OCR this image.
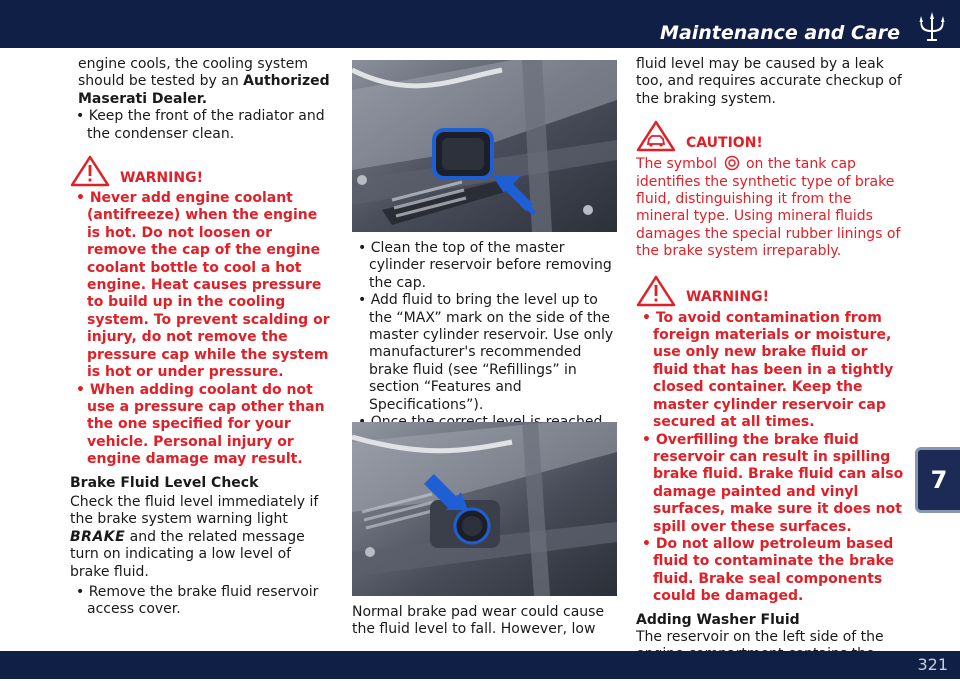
Maintenance and Care

engine cools, the cooling system
should be tested by an Authorized Maserati Dealer.

• Keep the front of the radiator and the condenser clean.

WARNING!

• Never add engine coolant (antifreeze) when the engine is hot. Do not loosen or remove the cap of the engine coolant bottle to cool a hot engine. Heat causes pressure to build up in the cooling system. To prevent scalding or injury, do not remove the pressure cap while the system is hot or under pressure.

• When adding coolant do not use a pressure cap other than the one specified for your vehicle. Personal injury or engine damage may result.

Brake Fluid Level Check

Check the fluid level immediately if the brake system warning light BRAKE and the related message turn on indicating a low level of brake fluid.

• Remove the brake fluid reservoir access cover.

• Clean the top of the master cylinder reservoir before removing the cap.

• Add fluid to bring the level up to the “MAX” mark on the side of the master cylinder reservoir. Use only manufacturer's recommended brake fluid (see “Refillings” in section “Features and Specifications”).

Normal brake pad wear could cause the fluid level to fall. However, low

fluid level may be caused by a leak too, and requires accurate checkup of the braking system.

CAUTION!

The symbol on the tank cap identifies the synthetic type of brake fluid, distinguishing it from the mineral type. Using mineral fluids damages the special rubber linings of the brake system irreparably.

WARNING!

• To avoid contamination from foreign materials or moisture, use only new brake fluid or fluid that has been in a tightly closed container. Keep the master cylinder reservoir cap secured at all times.

• Overfilling the brake fluid reservoir can result in spilling brake fluid. Brake fluid can also damage painted and vinyl surfaces, make sure it does not spill over these surfaces.

• Do not allow petroleum based fluid to contaminate the brake fluid. Brake seal components could be damaged.

Adding Washer Fluid

The reservoir on the left side of the

7
321
